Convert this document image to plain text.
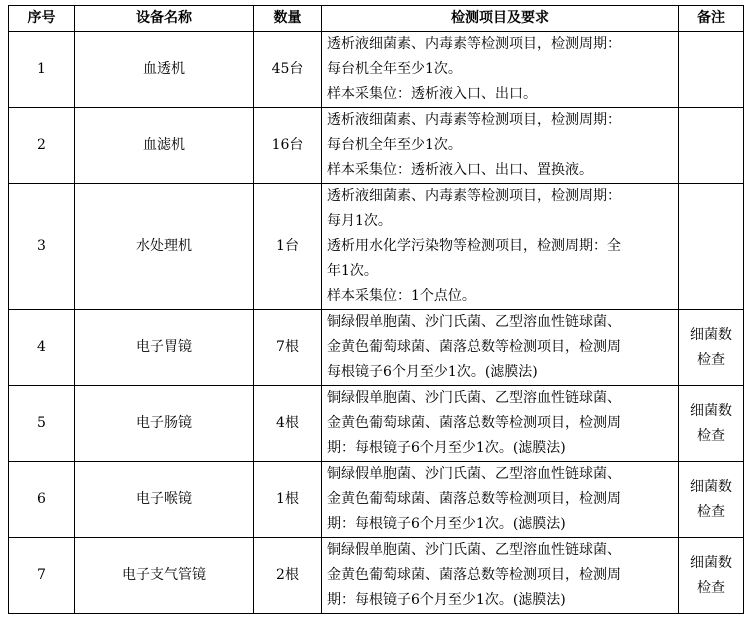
序号	设备名称	数量	检测项目及要求	备注
1	血透机	45台	透析液细菌素、内毒素等检测项目，检测周期：
每台机全年至少1次。
样本采集位：透析液入口、出口。	

2	血滤机	16台	透析液细菌素、内毒素等检测项目，检测周期：
每台机全年至少1次。
样本采集位：透析液入口、出口、置换液。	

3	水处理机	1台	透析液细菌素、内毒素等检测项目，检测周期：
每月1次。
透析用水化学污染物等检测项目，检测周期：全
年1次。
样本采集位：1个点位。	

4	电子胃镜	7根	铜绿假单胞菌、沙门氏菌、乙型溶血性链球菌、
金黄色葡萄球菌、菌落总数等检测项目，检测周
每根镜子6个月至少1次。(滤膜法)	细菌数
检查

5	电子肠镜	4根	铜绿假单胞菌、沙门氏菌、乙型溶血性链球菌、
金黄色葡萄球菌、菌落总数等检测项目，检测周
期：每根镜子6个月至少1次。(滤膜法)	细菌数
检查

6	电子喉镜	1根	铜绿假单胞菌、沙门氏菌、乙型溶血性链球菌、
金黄色葡萄球菌、菌落总数等检测项目，检测周
期：每根镜子6个月至少1次。(滤膜法)	细菌数
检查

7	电子支气管镜	2根	铜绿假单胞菌、沙门氏菌、乙型溶血性链球菌、
金黄色葡萄球菌、菌落总数等检测项目，检测周
期：每根镜子6个月至少1次。(滤膜法)	细菌数
检查
